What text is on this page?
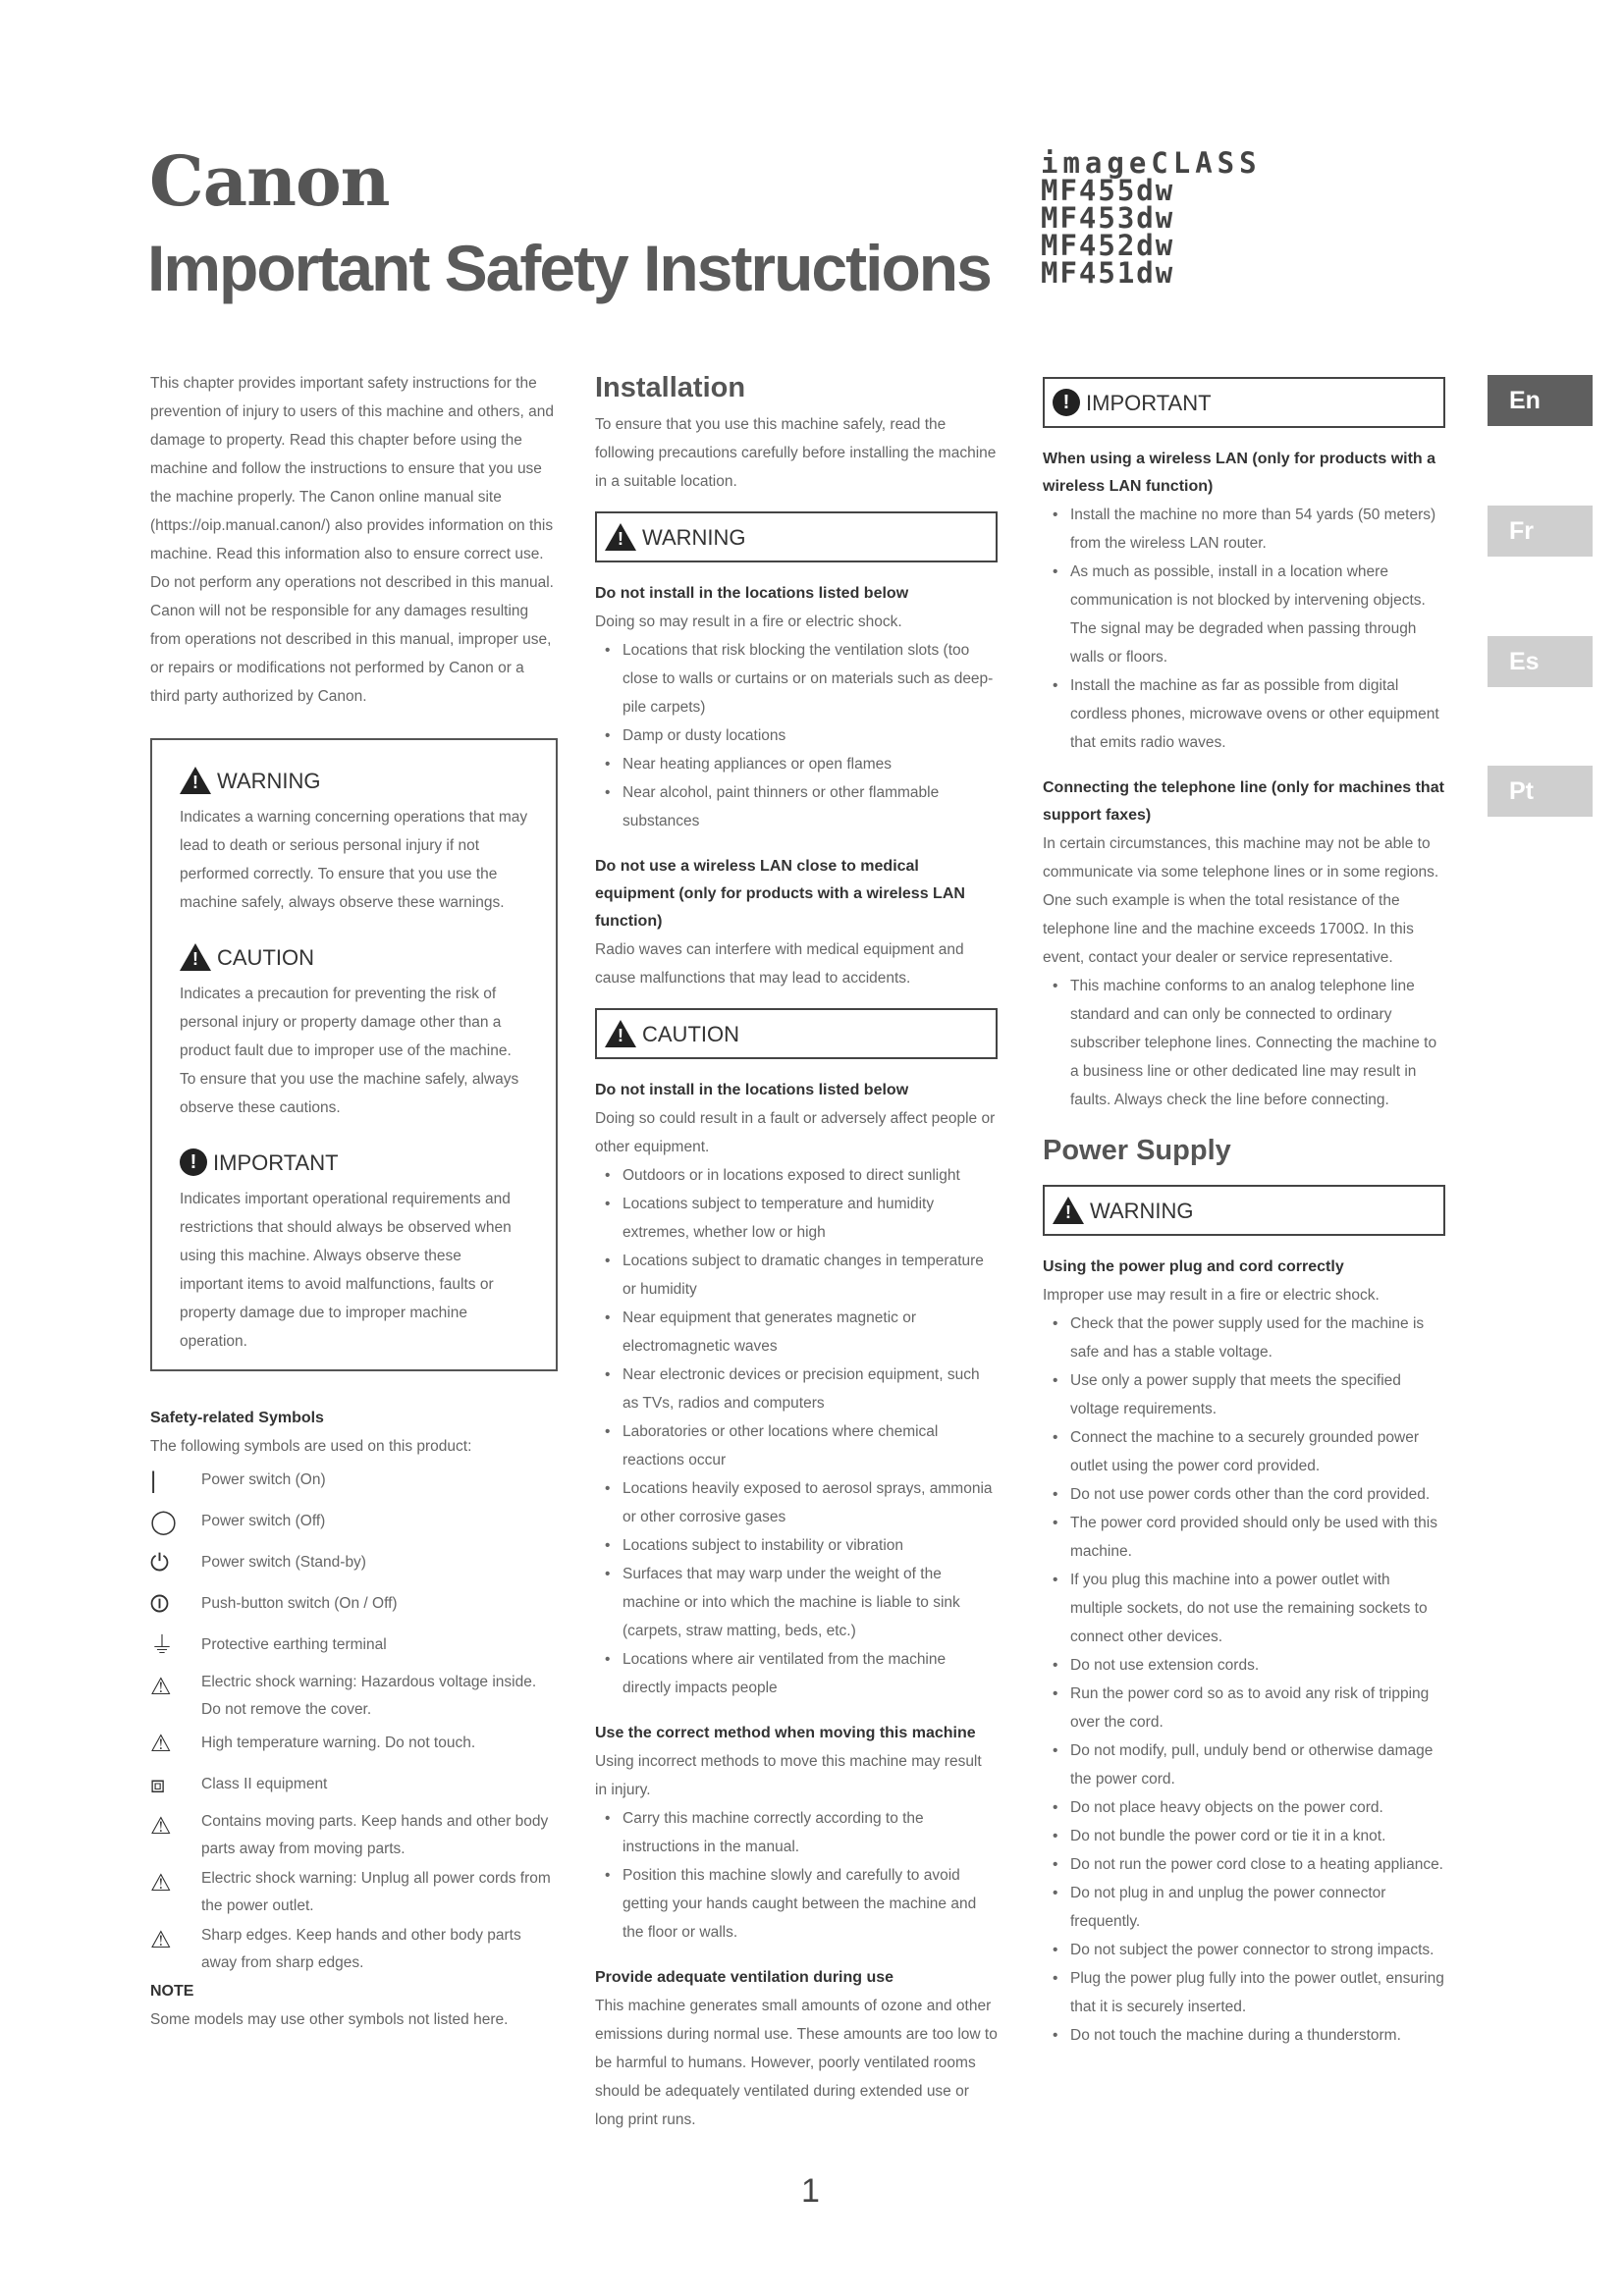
Canon
Important Safety Instructions
imageCLASS
MF455dw
MF453dw
MF452dw
MF451dw
En
Fr
Es
Pt

This chapter provides important safety instructions for the prevention of injury to users of this machine and others, and damage to property. Read this chapter before using the machine and follow the instructions to ensure that you use the machine properly. The Canon online manual site (https://oip.manual.canon/) also provides information on this machine. Read this information also to ensure correct use.

Do not perform any operations not described in this manual. Canon will not be responsible for any damages resulting from operations not described in this manual, improper use, or repairs or modifications not performed by Canon or a third party authorized by Canon.

!
WARNING

Indicates a warning concerning operations that may lead to death or serious personal injury if not performed correctly. To ensure that you use the machine safely, always observe these warnings.

!
CAUTION

Indicates a precaution for preventing the risk of personal injury or property damage other than a product fault due to improper use of the machine. To ensure that you use the machine safely, always observe these cautions.

! IMPORTANT

Indicates important operational requirements and restrictions that should always be observed when using this machine. Always observe these important items to avoid malfunctions, faults or property damage due to improper machine operation.

Safety-related Symbols

The following symbols are used on this product:

|	Power switch (On)
◯	Power switch (Off)
⏻	Power switch (Stand-by)
⏼	Push-button switch (On / Off)
⏚	Protective earthing terminal
⚠	Electric shock warning: Hazardous voltage inside. Do not remove the cover.
⚠	High temperature warning. Do not touch.
⧈	Class II equipment
⚠	Contains moving parts. Keep hands and other body parts away from moving parts.
⚠	Electric shock warning: Unplug all power cords from the power outlet.
⚠	Sharp edges. Keep hands and other body parts away from sharp edges.

NOTE

Some models may use other symbols not listed here.

Installation

To ensure that you use this machine safely, read the following precautions carefully before installing the machine in a suitable location.

!
WARNING

Do not install in the locations listed below

Doing so may result in a fire or electric shock.

• Locations that risk blocking the ventilation slots (too close to walls or curtains or on materials such as deep-pile carpets)
• Damp or dusty locations
• Near heating appliances or open flames
• Near alcohol, paint thinners or other flammable substances

Do not use a wireless LAN close to medical equipment (only for products with a wireless LAN function)

Radio waves can interfere with medical equipment and cause malfunctions that may lead to accidents.

!
CAUTION

Do not install in the locations listed below

Doing so could result in a fault or adversely affect people or other equipment.

• Outdoors or in locations exposed to direct sunlight
• Locations subject to temperature and humidity extremes, whether low or high
• Locations subject to dramatic changes in temperature or humidity
• Near equipment that generates magnetic or electromagnetic waves
• Near electronic devices or precision equipment, such as TVs, radios and computers
• Laboratories or other locations where chemical reactions occur
• Locations heavily exposed to aerosol sprays, ammonia or other corrosive gases
• Locations subject to instability or vibration
• Surfaces that may warp under the weight of the machine or into which the machine is liable to sink (carpets, straw matting, beds, etc.)
• Locations where air ventilated from the machine directly impacts people

Use the correct method when moving this machine

Using incorrect methods to move this machine may result in injury.

• Carry this machine correctly according to the instructions in the manual.
• Position this machine slowly and carefully to avoid getting your hands caught between the machine and the floor or walls.

Provide adequate ventilation during use

This machine generates small amounts of ozone and other emissions during normal use. These amounts are too low to be harmful to humans. However, poorly ventilated rooms should be adequately ventilated during extended use or long print runs.

! IMPORTANT

When using a wireless LAN (only for products with a wireless LAN function)

• Install the machine no more than 54 yards (50 meters) from the wireless LAN router.
• As much as possible, install in a location where communication is not blocked by intervening objects. The signal may be degraded when passing through walls or floors.
• Install the machine as far as possible from digital cordless phones, microwave ovens or other equipment that emits radio waves.

Connecting the telephone line (only for machines that support faxes)

In certain circumstances, this machine may not be able to communicate via some telephone lines or in some regions. One such example is when the total resistance of the telephone line and the machine exceeds 1700Ω. In this event, contact your dealer or service representative.

• This machine conforms to an analog telephone line standard and can only be connected to ordinary subscriber telephone lines. Connecting the machine to a business line or other dedicated line may result in faults. Always check the line before connecting.
Power Supply
!
WARNING

Using the power plug and cord correctly

Improper use may result in a fire or electric shock.

• Check that the power supply used for the machine is safe and has a stable voltage.
• Use only a power supply that meets the specified voltage requirements.
• Connect the machine to a securely grounded power outlet using the power cord provided.
• Do not use power cords other than the cord provided.
• The power cord provided should only be used with this machine.
• If you plug this machine into a power outlet with multiple sockets, do not use the remaining sockets to connect other devices.
• Do not use extension cords.
• Run the power cord so as to avoid any risk of tripping over the cord.
• Do not modify, pull, unduly bend or otherwise damage the power cord.
• Do not place heavy objects on the power cord.
• Do not bundle the power cord or tie it in a knot.
• Do not run the power cord close to a heating appliance.
• Do not plug in and unplug the power connector frequently.
• Do not subject the power connector to strong impacts.
• Plug the power plug fully into the power outlet, ensuring that it is securely inserted.
• Do not touch the machine during a thunderstorm.
1
